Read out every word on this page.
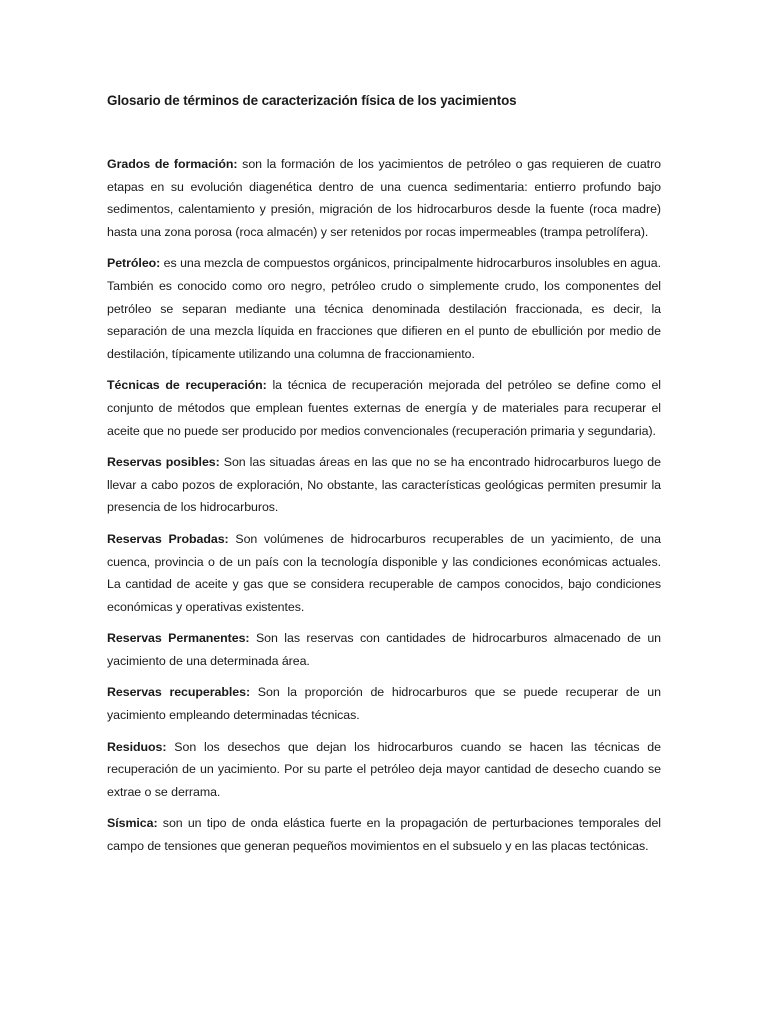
Glosario de términos de caracterización física de los yacimientos

Grados de formación: son la formación de los yacimientos de petróleo o gas requieren de cuatro etapas en su evolución diagenética dentro de una cuenca sedimentaria: entierro profundo bajo sedimentos, calentamiento y presión, migración de los hidrocarburos desde la fuente (roca madre) hasta una zona porosa (roca almacén) y ser retenidos por rocas impermeables (trampa petrolífera).

Petróleo: es una mezcla de compuestos orgánicos, principalmente hidrocarburos insolubles en agua. También es conocido como oro negro, petróleo crudo o simplemente crudo, los componentes del petróleo se separan mediante una técnica denominada destilación fraccionada, es decir, la separación de una mezcla líquida en fracciones que difieren en el punto de ebullición por medio de destilación, típicamente utilizando una columna de fraccionamiento.

Técnicas de recuperación: la técnica de recuperación mejorada del petróleo se define como el conjunto de métodos que emplean fuentes externas de energía y de materiales para recuperar el aceite que no puede ser producido por medios convencionales (recuperación primaria y segundaria).

Reservas posibles: Son las situadas áreas en las que no se ha encontrado hidrocarburos luego de llevar a cabo pozos de exploración, No obstante, las características geológicas permiten presumir la presencia de los hidrocarburos.

Reservas Probadas: Son volúmenes de hidrocarburos recuperables de un yacimiento, de una cuenca, provincia o de un país con la tecnología disponible y las condiciones económicas actuales. La cantidad de aceite y gas que se considera recuperable de campos conocidos, bajo condiciones económicas y operativas existentes.

Reservas Permanentes: Son las reservas con cantidades de hidrocarburos almacenado de un yacimiento de una determinada área.

Reservas recuperables: Son la proporción de hidrocarburos que se puede recuperar de un yacimiento empleando determinadas técnicas.

Residuos: Son los desechos que dejan los hidrocarburos cuando se hacen las técnicas de recuperación de un yacimiento. Por su parte el petróleo deja mayor cantidad de desecho cuando se extrae o se derrama.

Sísmica: son un tipo de onda elástica fuerte en la propagación de perturbaciones temporales del campo de tensiones que generan pequeños movimientos en el subsuelo y en las placas tectónicas.
